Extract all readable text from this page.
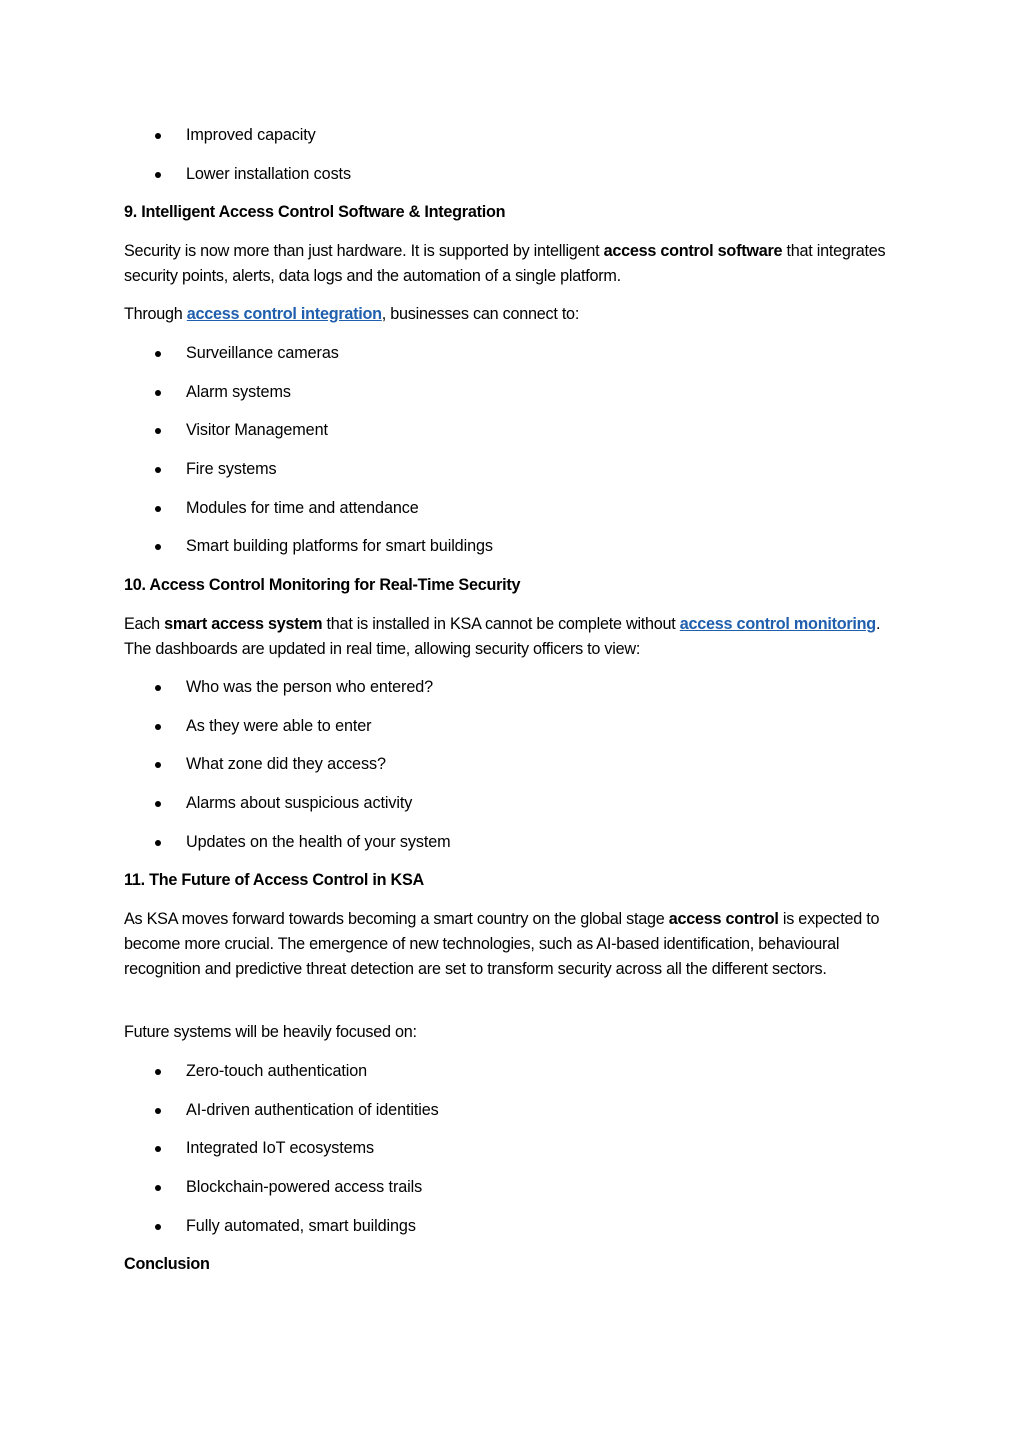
Improved capacity
Lower installation costs
9. Intelligent Access Control Software & Integration

Security is now more than just hardware. It is supported by intelligent access control software that integrates security points, alerts, data logs and the automation of a single platform.

Through access control integration, businesses can connect to:

Surveillance cameras
Alarm systems
Visitor Management
Fire systems
Modules for time and attendance
Smart building platforms for smart buildings
10. Access Control Monitoring for Real-Time Security

Each smart access system that is installed in KSA cannot be complete without access control monitoring. The dashboards are updated in real time, allowing security officers to view:

Who was the person who entered?
As they were able to enter
What zone did they access?
Alarms about suspicious activity
Updates on the health of your system
11. The Future of Access Control in KSA

As KSA moves forward towards becoming a smart country on the global stage access control is expected to become more crucial. The emergence of new technologies, such as AI-based identification, behavioural recognition and predictive threat detection are set to transform security across all the different sectors.

Future systems will be heavily focused on:

Zero-touch authentication
AI-driven authentication of identities
Integrated IoT ecosystems
Blockchain-powered access trails
Fully automated, smart buildings
Conclusion
